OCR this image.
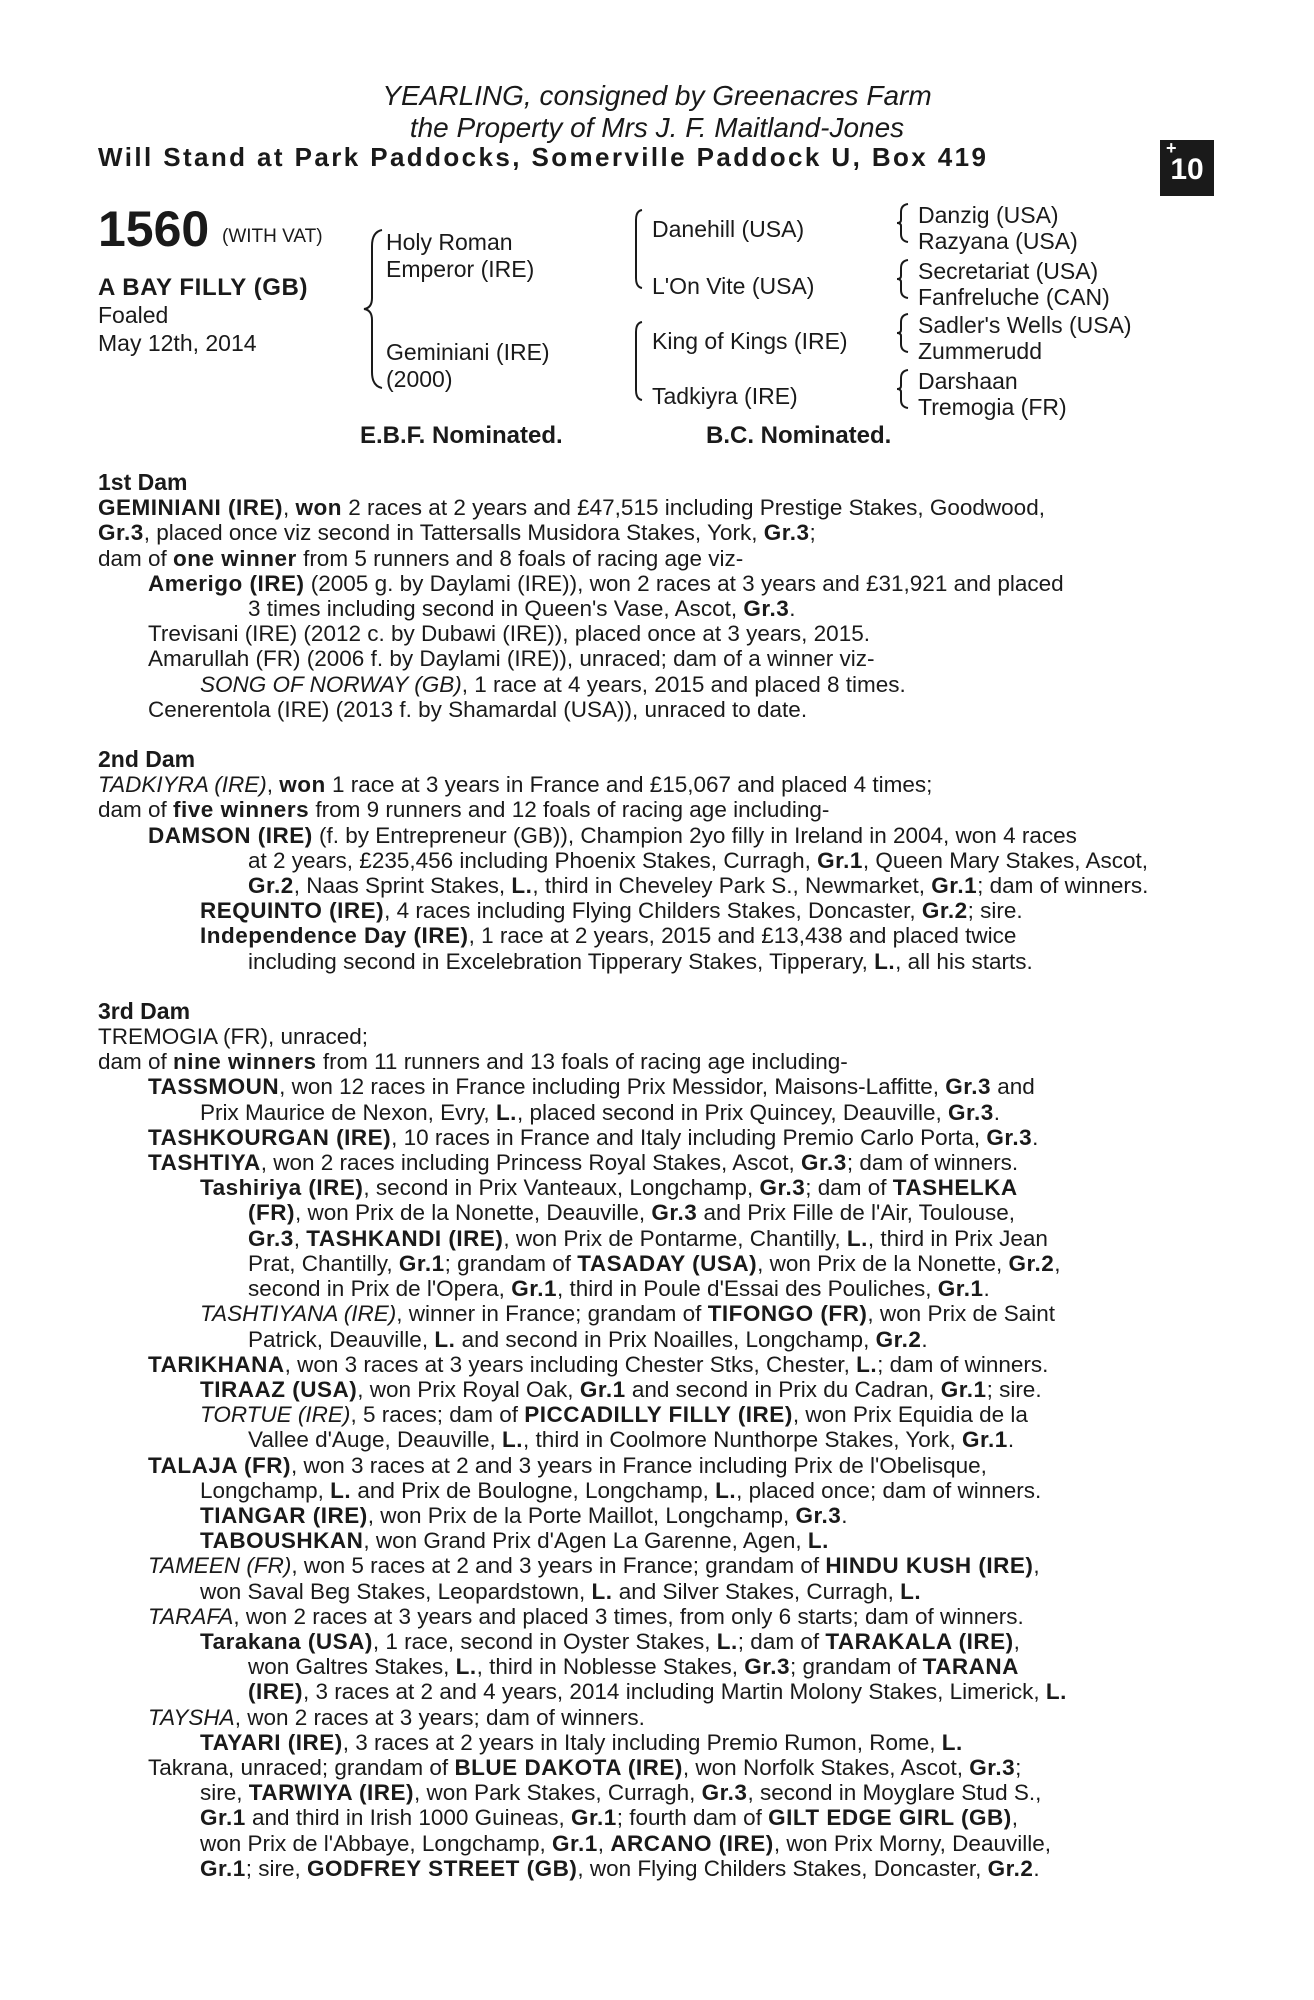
YEARLING, consigned by Greenacres Farm
the Property of Mrs J. F. Maitland-Jones
Will Stand at Park Paddocks, Somerville Paddock U, Box 419	+
10
1560 (WITH VAT)
A BAY FILLY (GB)
Foaled
May 12th, 2014
Holy Roman
Emperor (IRE)
Geminiani (IRE)
(2000)
Danehill (USA)
L'On Vite (USA)
King of Kings (IRE)
Tadkiyra (IRE)
Danzig (USA)
Razyana (USA)
Secretariat (USA)
Fanfreluche (CAN)
Sadler's Wells (USA)
Zummerudd
Darshaan
Tremogia (FR)
E.B.F. Nominated.	B.C. Nominated.

1st Dam

GEMINIANI (IRE), won 2 races at 2 years and £47,515 including Prestige Stakes, Goodwood,

Gr.3, placed once viz second in Tattersalls Musidora Stakes, York, Gr.3;

dam of one winner from 5 runners and 8 foals of racing age viz-

Amerigo (IRE) (2005 g. by Daylami (IRE)), won 2 races at 3 years and £31,921 and placed

3 times including second in Queen's Vase, Ascot, Gr.3.

Trevisani (IRE) (2012 c. by Dubawi (IRE)), placed once at 3 years, 2015.

Amarullah (FR) (2006 f. by Daylami (IRE)), unraced; dam of a winner viz-

SONG OF NORWAY (GB), 1 race at 4 years, 2015 and placed 8 times.

Cenerentola (IRE) (2013 f. by Shamardal (USA)), unraced to date.

2nd Dam

TADKIYRA (IRE), won 1 race at 3 years in France and £15,067 and placed 4 times;

dam of five winners from 9 runners and 12 foals of racing age including-

DAMSON (IRE) (f. by Entrepreneur (GB)), Champion 2yo filly in Ireland in 2004, won 4 races

at 2 years, £235,456 including Phoenix Stakes, Curragh, Gr.1, Queen Mary Stakes, Ascot,

Gr.2, Naas Sprint Stakes, L., third in Cheveley Park S., Newmarket, Gr.1; dam of winners.

REQUINTO (IRE), 4 races including Flying Childers Stakes, Doncaster, Gr.2; sire.

Independence Day (IRE), 1 race at 2 years, 2015 and £13,438 and placed twice

including second in Excelebration Tipperary Stakes, Tipperary, L., all his starts.

3rd Dam

TREMOGIA (FR), unraced;

dam of nine winners from 11 runners and 13 foals of racing age including-

TASSMOUN, won 12 races in France including Prix Messidor, Maisons-Laffitte, Gr.3 and

Prix Maurice de Nexon, Evry, L., placed second in Prix Quincey, Deauville, Gr.3.

TASHKOURGAN (IRE), 10 races in France and Italy including Premio Carlo Porta, Gr.3.

TASHTIYA, won 2 races including Princess Royal Stakes, Ascot, Gr.3; dam of winners.

Tashiriya (IRE), second in Prix Vanteaux, Longchamp, Gr.3; dam of TASHELKA

(FR), won Prix de la Nonette, Deauville, Gr.3 and Prix Fille de l'Air, Toulouse,

Gr.3, TASHKANDI (IRE), won Prix de Pontarme, Chantilly, L., third in Prix Jean

Prat, Chantilly, Gr.1; grandam of TASADAY (USA), won Prix de la Nonette, Gr.2,

second in Prix de l'Opera, Gr.1, third in Poule d'Essai des Pouliches, Gr.1.

TASHTIYANA (IRE), winner in France; grandam of TIFONGO (FR), won Prix de Saint

Patrick, Deauville, L. and second in Prix Noailles, Longchamp, Gr.2.

TARIKHANA, won 3 races at 3 years including Chester Stks, Chester, L.; dam of winners.

TIRAAZ (USA), won Prix Royal Oak, Gr.1 and second in Prix du Cadran, Gr.1; sire.

TORTUE (IRE), 5 races; dam of PICCADILLY FILLY (IRE), won Prix Equidia de la

Vallee d'Auge, Deauville, L., third in Coolmore Nunthorpe Stakes, York, Gr.1.

TALAJA (FR), won 3 races at 2 and 3 years in France including Prix de l'Obelisque,

Longchamp, L. and Prix de Boulogne, Longchamp, L., placed once; dam of winners.

TIANGAR (IRE), won Prix de la Porte Maillot, Longchamp, Gr.3.

TABOUSHKAN, won Grand Prix d'Agen La Garenne, Agen, L.

TAMEEN (FR), won 5 races at 2 and 3 years in France; grandam of HINDU KUSH (IRE),

won Saval Beg Stakes, Leopardstown, L. and Silver Stakes, Curragh, L.

TARAFA, won 2 races at 3 years and placed 3 times, from only 6 starts; dam of winners.

Tarakana (USA), 1 race, second in Oyster Stakes, L.; dam of TARAKALA (IRE),

won Galtres Stakes, L., third in Noblesse Stakes, Gr.3; grandam of TARANA

(IRE), 3 races at 2 and 4 years, 2014 including Martin Molony Stakes, Limerick, L.

TAYSHA, won 2 races at 3 years; dam of winners.

TAYARI (IRE), 3 races at 2 years in Italy including Premio Rumon, Rome, L.

Takrana, unraced; grandam of BLUE DAKOTA (IRE), won Norfolk Stakes, Ascot, Gr.3;

sire, TARWIYA (IRE), won Park Stakes, Curragh, Gr.3, second in Moyglare Stud S.,

Gr.1 and third in Irish 1000 Guineas, Gr.1; fourth dam of GILT EDGE GIRL (GB),

won Prix de l'Abbaye, Longchamp, Gr.1, ARCANO (IRE), won Prix Morny, Deauville,

Gr.1; sire, GODFREY STREET (GB), won Flying Childers Stakes, Doncaster, Gr.2.
